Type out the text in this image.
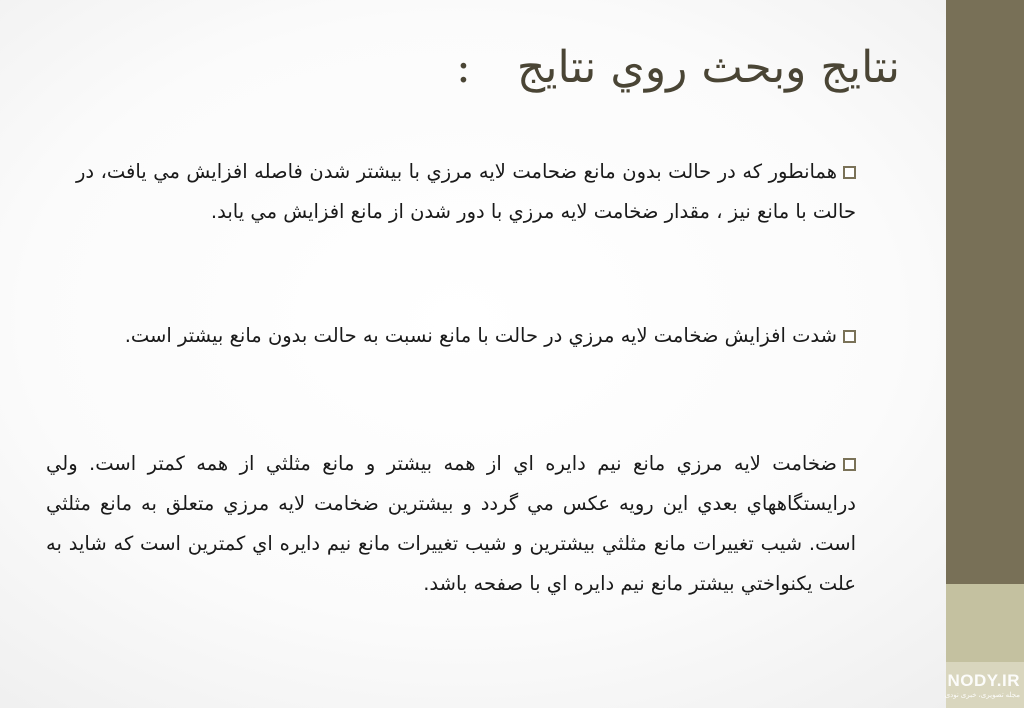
نتايج وبحث روي نتايج:
همانطور که در حالت بدون مانع ضحامت لايه مرزي با بيشتر شدن فاصله افزايش مي يافت، در حالت با مانع نيز ، مقدار ضخامت لايه مرزي با دور شدن از مانع افزايش مي يابد.
شدت افزايش ضخامت لايه مرزي در حالت با مانع نسبت به حالت بدون مانع بيشتر است.
ضخامت لايه مرزي مانع نيم دايره اي از همه بيشتر و مانع مثلثي از همه کمتر است. ولي درايستگاههاي بعدي اين رويه عکس مي گردد و بيشترين ضخامت لايه مرزي متعلق به مانع مثلثي است. شيب تغييرات مانع مثلثي بيشترين و شيب تغييرات مانع نيم دايره اي کمترين است که شايد به علت يکنواختي بيشتر مانع نيم دايره اي با صفحه باشد.
NODY.IR
مجله تصویری، خبری نودی
